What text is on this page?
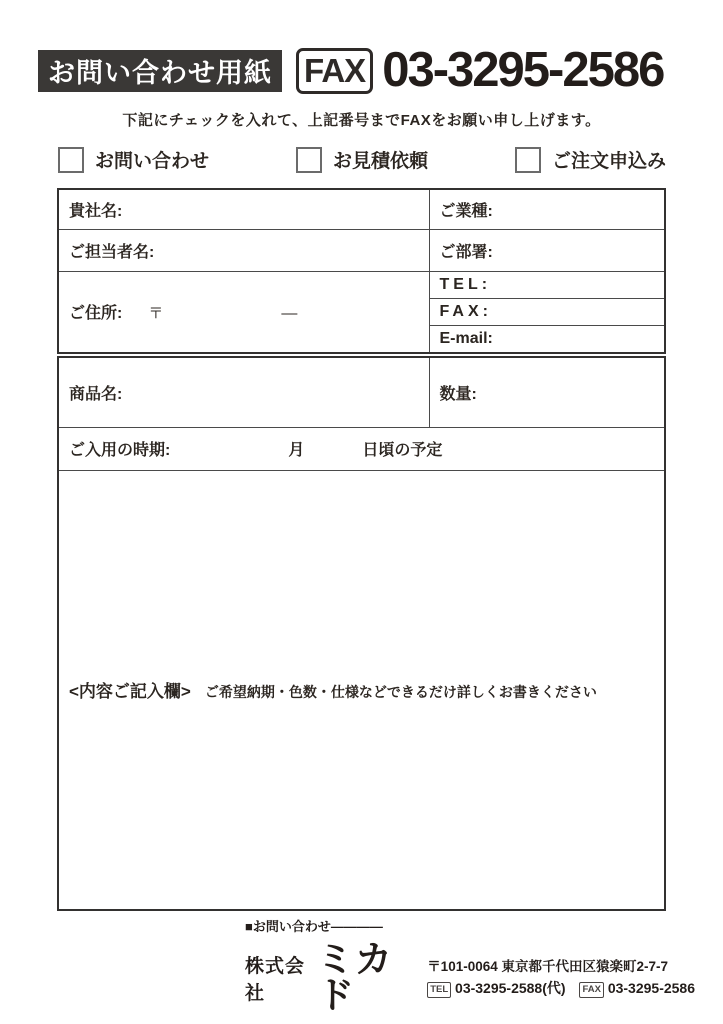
お問い合わせ用紙 FAX 03-3295-2586
下記にチェックを入れて、上記番号までFAXをお願い申し上げます。
お問い合わせ	お見積依頼	ご注文申込み
貴社名:	ご業種:
ご担当者名:	ご部署:
ご住所: 〒 —	TEL:
	FAX:
	E-mail:
商品名:	数量:
ご入用の時期:	月	日頃の予定
<内容ご記入欄> ご希望納期・色数・仕様などできるだけ詳しくお書きください
■お問い合わせ――――
株式会社
ミカド
〒101-0064 東京都千代田区猿楽町2-7-7
TEL 03-3295-2588(代) FAX 03-3295-2586
